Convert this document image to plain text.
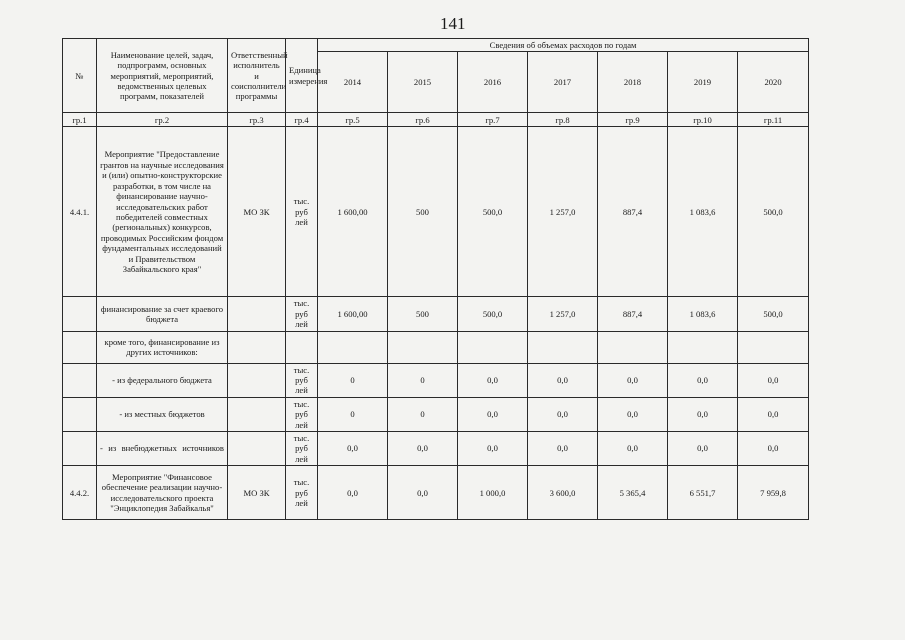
141
№	Наименование целей, задач, подпрограмм, основных мероприятий, мероприятий, ведомственных целевых программ, показателей	Ответственный исполнитель и соисполнители программы	Единица измерения	Сведения об объемах расходов по годам						
				2014	2015	2016	2017	2018	2019	2020
гр.1	гр.2	гр.3	гр.4	гр.5	гр.6	гр.7	гр.8	гр.9	гр.10	гр.11
4.4.1.	Мероприятие "Предоставление грантов на научные исследования и (или) опытно-конструкторские разработки, в том числе на финансирование научно-исследовательских работ победителей совместных (региональных) конкурсов, проводимых Российским фондом фундаментальных исследований и Правительством Забайкальского края"	МО ЗК	тыс. руб лей	1 600,00	500	500,0	1 257,0	887,4	1 083,6	500,0
	финансирование за счет краевого бюджета		тыс. руб лей	1 600,00	500	500,0	1 257,0	887,4	1 083,6	500,0
	кроме того, финансирование из других источников:									
	- из федерального бюджета		тыс. руб лей	0	0	0,0	0,0	0,0	0,0	0,0
	- из местных бюджетов		тыс. руб лей	0	0	0,0	0,0	0,0	0,0	0,0
	- из внебюджетных источников		тыс. руб лей	0,0	0,0	0,0	0,0	0,0	0,0	0,0
4.4.2.	Мероприятие "Финансовое обеспечение реализации научно-исследовательского проекта "Энциклопедия Забайкалья"	МО ЗК	тыс. руб лей	0,0	0,0	1 000,0	3 600,0	5 365,4	6 551,7	7 959,8
